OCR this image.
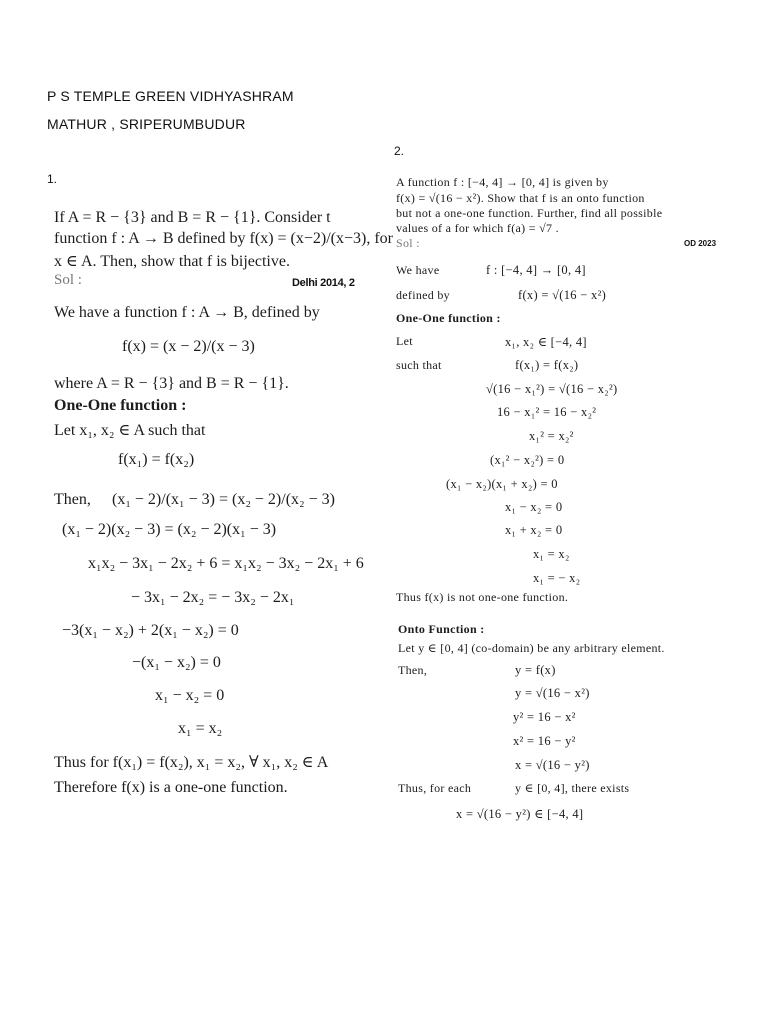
P S TEMPLE GREEN VIDHYASHRAM
MATHUR , SRIPERUMBUDUR
1.
2.
If A = R − {3} and B = R − {1}. Consider t
function f : A → B defined by f(x) = (x−2)/(x−3), for
x ∈ A. Then, show that f is bijective.
Sol :	Delhi 2014, 2
We have a function f : A → B, defined by
f(x) = (x − 2)/(x − 3)
where A = R − {3} and B = R − {1}.
One-One function :
Let x₁, x₂ ∈ A such that
f(x₁) = f(x₂)
Then, (x₁ − 2)/(x₁ − 3) = (x₂ − 2)/(x₂ − 3)
(x₁ − 2)(x₂ − 3) = (x₂ − 2)(x₁ − 3)
x₁x₂ − 3x₁ − 2x₂ + 6 = x₁x₂ − 3x₂ − 2x₁ + 6
− 3x₁ − 2x₂ = − 3x₂ − 2x₁
−3(x₁ − x₂) + 2(x₁ − x₂) = 0
−(x₁ − x₂) = 0
x₁ − x₂ = 0
x₁ = x₂
Thus for f(x₁) = f(x₂), x₁ = x₂, ∀ x₁, x₂ ∈ A
Therefore f(x) is a one-one function.
A function f : [−4, 4] → [0, 4] is given by
f(x) = √(16 − x²). Show that f is an onto function
but not a one-one function. Further, find all possible
values of a for which f(a) = √7 .
Sol :	OD 2023
We have	f : [−4, 4] → [0, 4]
defined by	f(x) = √(16 − x²)
One-One function :
Let	x₁, x₂ ∈ [−4, 4]
such that	f(x₁) = f(x₂)
√(16 − x₁²) = √(16 − x₂²)
16 − x₁² = 16 − x₂²
x₁² = x₂²
(x₁² − x₂²) = 0
(x₁ − x₂)(x₁ + x₂) = 0
x₁ − x₂ = 0
x₁ + x₂ = 0
x₁ = x₂
x₁ = − x₂
Thus f(x) is not one-one function.
Onto Function :
Let y ∈ [0, 4] (co-domain) be any arbitrary element.
Then,	y = f(x)
y = √(16 − x²)
y² = 16 − x²
x² = 16 − y²
x = √(16 − y²)
Thus, for each	y ∈ [0, 4], there exists
x = √(16 − y²) ∈ [−4, 4]
